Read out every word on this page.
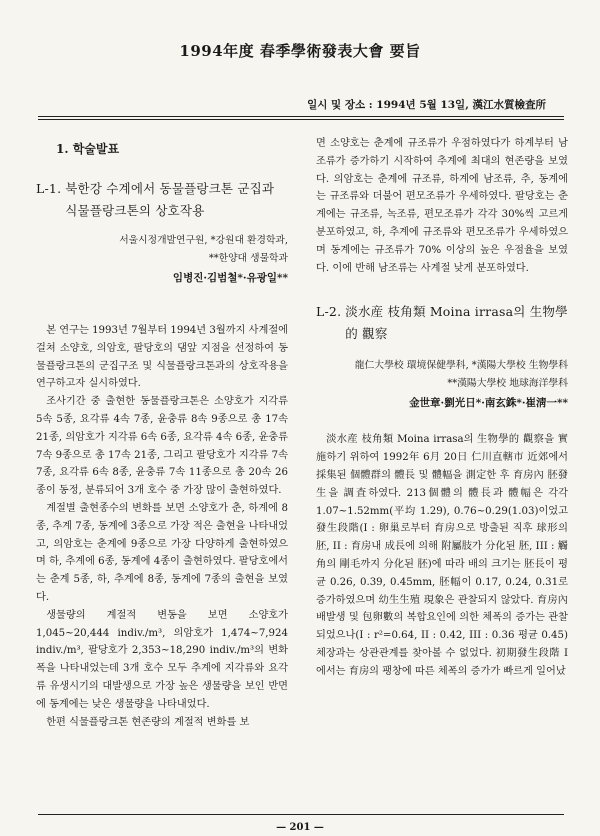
1994年度 春季學術發表大會 要旨
일시 및 장소 : 1994년 5월 13일, 漢江水質檢査所
1. 학술발표
L-1. 북한강 수계에서 동물플랑크톤 군집과 식물플랑크톤의 상호작용
서울시정개발연구원, *강원대 환경학과,
**한양대 생물학과
임병진·김범철*·유광일**

본 연구는 1993년 7월부터 1994년 3월까지 사계절에 걸쳐 소양호, 의암호, 팔당호의 댐앞 지점을 선정하여 동물플랑크톤의 군집구조 및 식물플랑크톤과의 상호작용을 연구하고자 실시하였다.

조사기간 중 출현한 동물플랑크톤은 소양호가 지각류 5속 5종, 요각류 4속 7종, 윤충류 8속 9종으로 총 17속 21종, 의암호가 지각류 6속 6종, 요각류 4속 6종, 윤충류 7속 9종으로 총 17속 21종, 그리고 팔당호가 지각류 7속 7종, 요각류 6속 8종, 윤충류 7속 11종으로 총 20속 26종이 동정, 분류되어 3개 호수 중 가장 많이 출현하였다.

계절별 출현종수의 변화를 보면 소양호가 춘, 하계에 8종, 추계 7종, 동계에 3종으로 가장 적은 출현을 나타내었고, 의암호는 춘계에 9종으로 가장 다양하게 출현하였으며 하, 추계에 6종, 동계에 4종이 출현하였다. 팔당호에서는 춘계 5종, 하, 추계에 8종, 동계에 7종의 출현을 보였다.

생물량의 계절적 변동을 보면 소양호가 1,045~20,444 indiv./m³, 의암호가 1,474~7,924 indiv./m³, 팔당호가 2,353~18,290 indiv./m³의 변화폭을 나타내었는데 3개 호수 모두 추계에 지각류와 요각류 유생시기의 대발생으로 가장 높은 생물량을 보인 반면에 동계에는 낮은 생물량을 나타내었다.

한편 식물플랑크톤 현존량의 계절적 변화를 보

면 소양호는 춘계에 규조류가 우점하였다가 하계부터 남조류가 증가하기 시작하여 추계에 최대의 현존량을 보였다. 의암호는 춘계에 규조류, 하계에 남조류, 추, 동계에는 규조류와 더불어 편모조류가 우세하였다. 팔당호는 춘계에는 규조류, 녹조류, 편모조류가 각각 30%씩 고르게 분포하였고, 하, 추계에 규조류와 편모조류가 우세하였으며 동계에는 규조류가 70% 이상의 높은 우점율을 보였다. 이에 반해 남조류는 사계절 낮게 분포하였다.

L-2. 淡水産 枝角類 Moina irrasa의 生物學的 觀察
龍仁大學校 環境保健學科, *漢陽大學校 生物學科
**漢陽大學校 地球海洋學科
金世章·劉光日*·南玄銖*·崔淸一**

淡水産 枝角類 Moina irrasa의 生物學的 觀察을 實施하기 위하여 1992年 6月 20日 仁川直轄市 近郊에서 採集된 個體群의 體長 및 體幅을 測定한 후 育房內 胚發生을 調査하였다. 213個體의 體長과 體幅은 각각 1.07~1.52mm(平均 1.29), 0.76~0.29(1.03)이었고 發生段階(I : 卵巢로부터 育房으로 방출된 직후 球形의 胚, II : 育房내 成長에 의해 附屬肢가 分化된 胚, III : 觸角의 剛毛까지 分化된 胚)에 따라 배의 크기는 胚長이 평균 0.26, 0.39, 0.45mm, 胚幅이 0.17, 0.24, 0.31로 증가하였으며 幼生生殖 現象은 관찰되지 않았다. 育房內 배발생 및 包卵數의 복합요인에 의한 체폭의 증가는 관찰되었으나(I : r²=0.64, II : 0.42, III : 0.36 평균 0.45) 체장과는 상관관계를 찾아볼 수 없었다. 初期發生段階 I에서는 育房의 팽창에 따른 체폭의 증가가 빠르게 일어났

— 201 —
